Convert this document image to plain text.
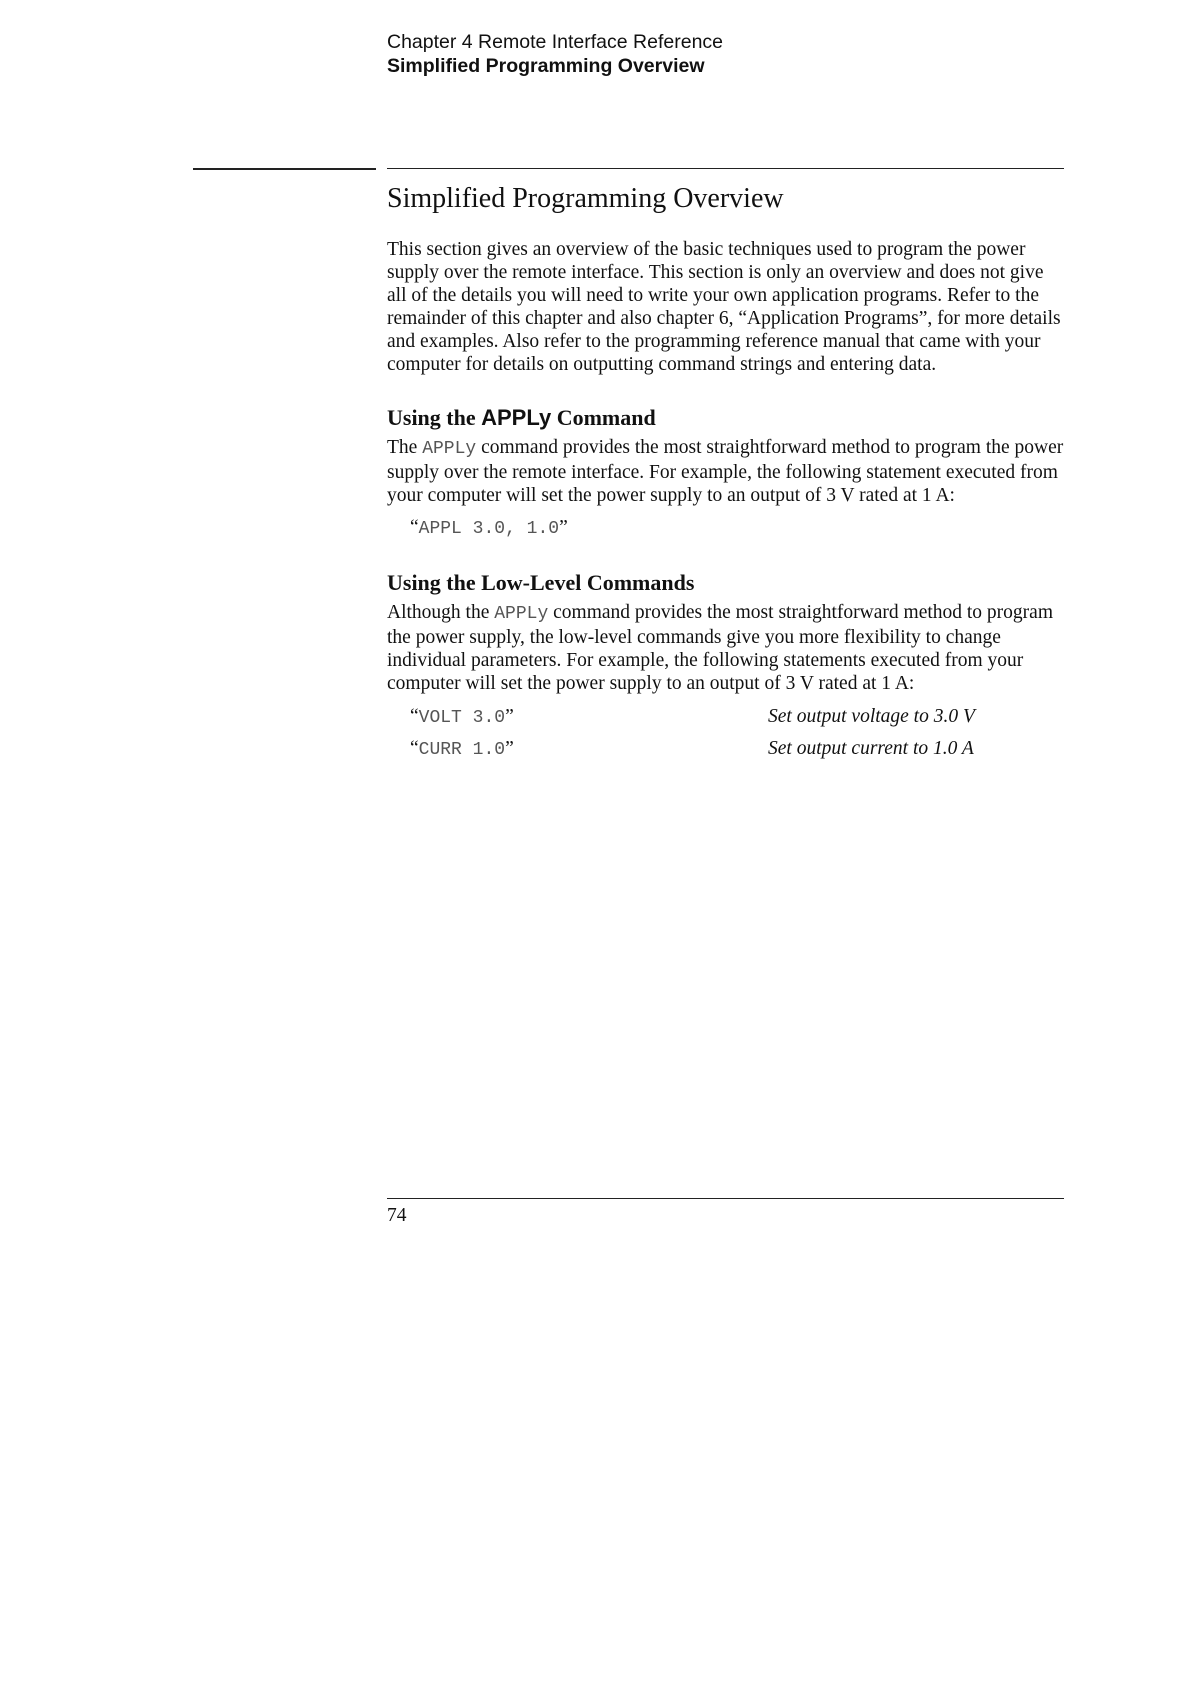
Chapter 4 Remote Interface Reference
Simplified Programming Overview
Simplified Programming Overview

This section gives an overview of the basic techniques used to program the power supply over the remote interface. This section is only an overview and does not give all of the details you will need to write your own application programs. Refer to the remainder of this chapter and also chapter 6, “Application Programs”, for more details and examples. Also refer to the programming reference manual that came with your computer for details on outputting command strings and entering data.

Using the APPLy Command

The APPLy command provides the most straightforward method to program the power supply over the remote interface. For example, the following statement executed from your computer will set the power supply to an output of 3 V rated at 1 A:

“APPL 3.0, 1.0”
Using the Low-Level Commands

Although the APPLy command provides the most straightforward method to program the power supply, the low-level commands give you more flexibility to change individual parameters. For example, the following statements executed from your computer will set the power supply to an output of 3 V rated at 1 A:

“VOLT 3.0”	Set output voltage to 3.0 V
“CURR 1.0”	Set output current to 1.0 A
74
